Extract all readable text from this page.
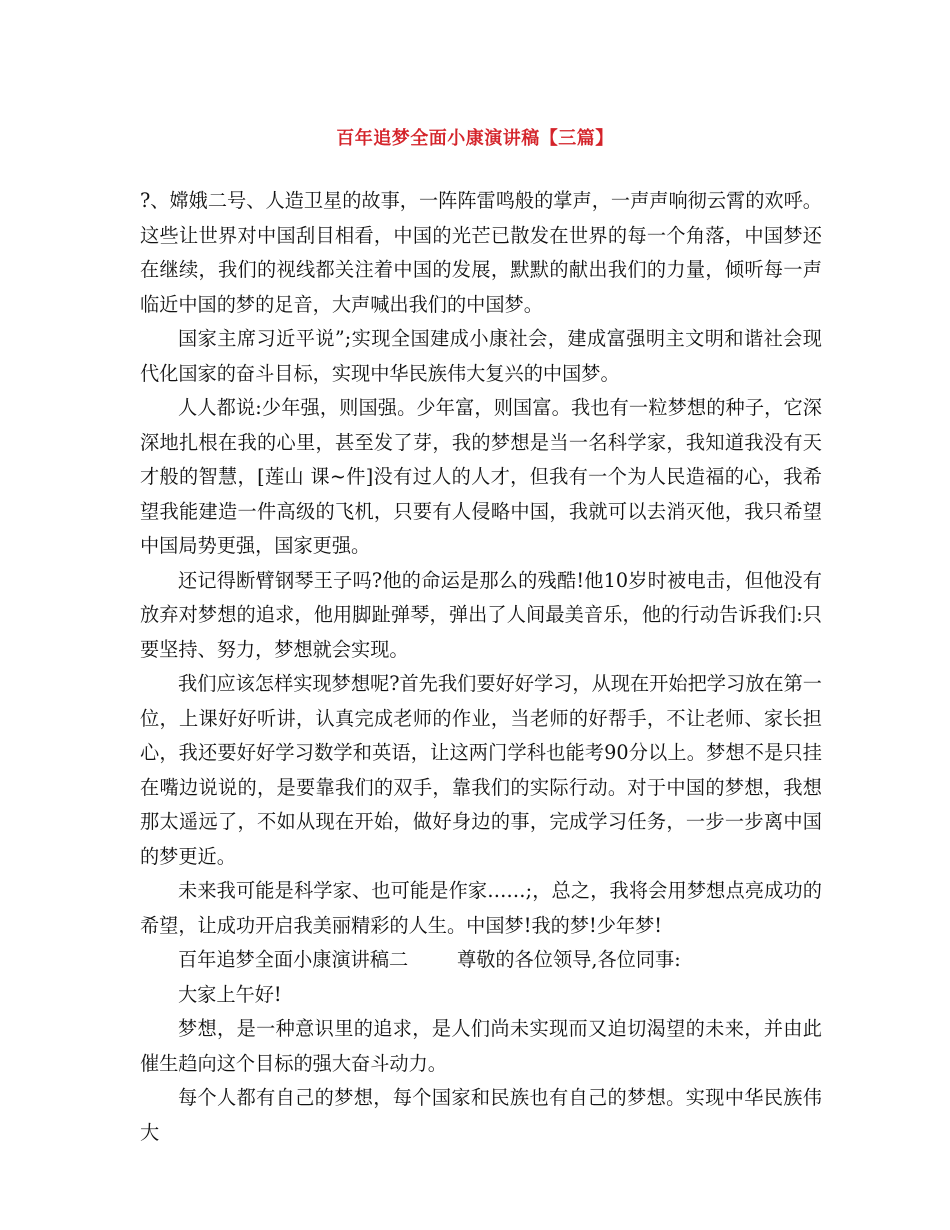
百年追梦全面小康演讲稿【三篇】

?、嫦娥二号、人造卫星的故事，一阵阵雷鸣般的掌声，一声声响彻云霄的欢呼。这些让世界对中国刮目相看，中国的光芒已散发在世界的每一个角落，中国梦还在继续，我们的视线都关注着中国的发展，默默的献出我们的力量，倾听每一声临近中国的梦的足音，大声喊出我们的中国梦。

国家主席习近平说”;实现全国建成小康社会，建成富强明主文明和谐社会现代化国家的奋斗目标，实现中华民族伟大复兴的中国梦。

人人都说:少年强，则国强。少年富，则国富。我也有一粒梦想的种子，它深深地扎根在我的心里，甚至发了芽，我的梦想是当一名科学家，我知道我没有天才般的智慧，[莲山 课~件]没有过人的人才，但我有一个为人民造福的心，我希望我能建造一件高级的飞机，只要有人侵略中国，我就可以去消灭他，我只希望中国局势更强，国家更强。

还记得断臂钢琴王子吗?他的命运是那么的残酷!他10岁时被电击，但他没有放弃对梦想的追求，他用脚趾弹琴，弹出了人间最美音乐，他的行动告诉我们:只要坚持、努力，梦想就会实现。

我们应该怎样实现梦想呢?首先我们要好好学习，从现在开始把学习放在第一位，上课好好听讲，认真完成老师的作业，当老师的好帮手，不让老师、家长担心，我还要好好学习数学和英语，让这两门学科也能考90分以上。梦想不是只挂在嘴边说说的，是要靠我们的双手，靠我们的实际行动。对于中国的梦想，我想那太遥远了，不如从现在开始，做好身边的事，完成学习任务，一步一步离中国的梦更近。

未来我可能是科学家、也可能是作家……;，总之，我将会用梦想点亮成功的希望，让成功开启我美丽精彩的人生。中国梦!我的梦!少年梦!

百年追梦全面小康演讲稿二        尊敬的各位领导,各位同事:

大家上午好!

梦想，是一种意识里的追求，是人们尚未实现而又迫切渴望的未来，并由此催生趋向这个目标的强大奋斗动力。

每个人都有自己的梦想，每个国家和民族也有自己的梦想。实现中华民族伟大
